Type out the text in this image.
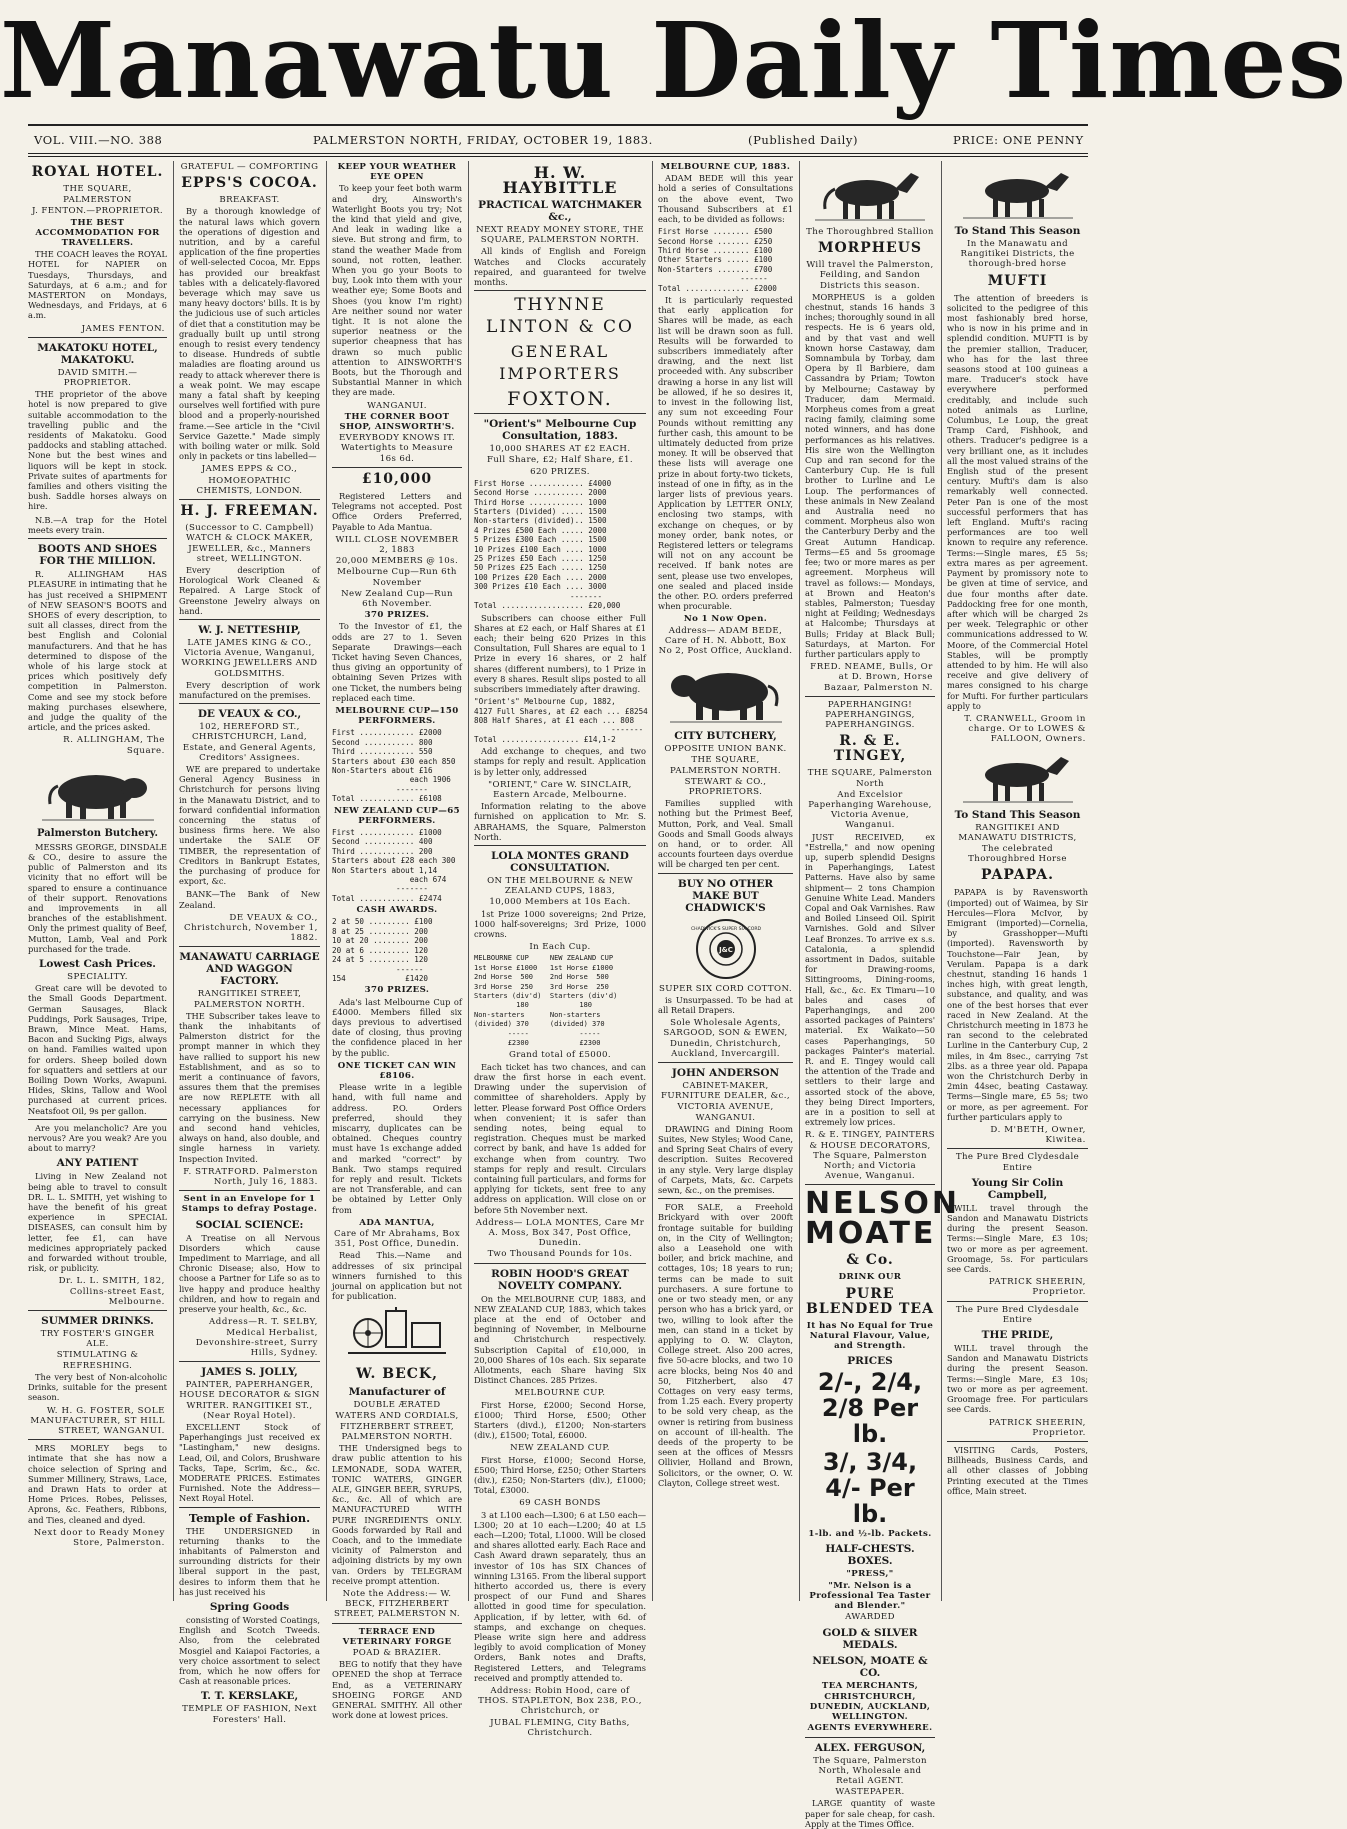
Manawatu Daily Times
VOL. VIII.—NO. 388	PALMERSTON NORTH, FRIDAY, OCTOBER 19, 1883.	(Published Daily)	PRICE: ONE PENNY
ROYAL HOTEL.
THE SQUARE,
PALMERSTON
J. FENTON.—PROPRIETOR.

THE BEST ACCOMMODATION FOR TRAVELLERS.

THE COACH leaves the ROYAL HOTEL for NAPIER on Tuesdays, Thursdays, and Saturdays, at 6 a.m.; and for MASTERTON on Mondays, Wednesdays, and Fridays, at 6 a.m.

JAMES FENTON.
MAKATOKU HOTEL, MAKATOKU.
DAVID SMITH.—PROPRIETOR.

THE proprietor of the above hotel is now prepared to give suitable accommodation to the travelling public and the residents of Makatoku. Good paddocks and stabling attached. None but the best wines and liquors will be kept in stock. Private suites of apartments for families and others visiting the bush. Saddle horses always on hire.

N.B.—A trap for the Hotel meets every train.

BOOTS AND SHOES FOR THE MILLION.

R. ALLINGHAM HAS PLEASURE in intimating that he has just received a SHIPMENT of NEW SEASON'S BOOTS and SHOES of every description, to suit all classes, direct from the best English and Colonial manufacturers. And that he has determined to dispose of the whole of his large stock at prices which positively defy competition in Palmerston. Come and see my stock before making purchases elsewhere, and judge the quality of the article, and the prices asked.

R. ALLINGHAM, The Square.
Palmerston Butchery.

MESSRS GEORGE, DINSDALE & CO., desire to assure the public of Palmerston and its vicinity that no effort will be spared to ensure a continuance of their support. Renovations and improvements in all branches of the establishment. Only the primest quality of Beef, Mutton, Lamb, Veal and Pork purchased for the trade.

Lowest Cash Prices.
SPECIALITY.

Great care will be devoted to the Small Goods Department. German Sausages, Black Puddings, Pork Sausages, Tripe, Brawn, Mince Meat. Hams, Bacon and Sucking Pigs, always on hand. Families waited upon for orders. Sheep boiled down for squatters and settlers at our Boiling Down Works, Awapuni. Hides, Skins, Tallow and Wool purchased at current prices. Neatsfoot Oil, 9s per gallon.

Are you melancholic? Are you nervous? Are you weak? Are you about to marry?

ANY PATIENT

Living in New Zealand not being able to travel to consult DR. L. L. SMITH, yet wishing to have the benefit of his great experience in SPECIAL DISEASES, can consult him by letter, fee £1, can have medicines appropriately packed and forwarded without trouble, risk, or publicity.

Dr. L. L. SMITH, 182, Collins-street East, Melbourne.
SUMMER DRINKS.
TRY FOSTER'S GINGER ALE.
STIMULATING & REFRESHING.

The very best of Non-alcoholic Drinks, suitable for the present season.

W. H. G. FOSTER, SOLE MANUFACTURER, ST HILL STREET, WANGANUI.

MRS MORLEY begs to intimate that she has now a choice selection of Spring and Summer Millinery, Straws, Lace, and Drawn Hats to order at Home Prices. Robes, Pelisses, Aprons, &c. Feathers, Ribbons, and Ties, cleaned and dyed.

Next door to Ready Money Store, Palmerston.
GRATEFUL — COMFORTING
EPPS'S COCOA.
BREAKFAST.

By a thorough knowledge of the natural laws which govern the operations of digestion and nutrition, and by a careful application of the fine properties of well-selected Cocoa, Mr. Epps has provided our breakfast tables with a delicately-flavored beverage which may save us many heavy doctors' bills. It is by the judicious use of such articles of diet that a constitution may be gradually built up until strong enough to resist every tendency to disease. Hundreds of subtle maladies are floating around us ready to attack wherever there is a weak point. We may escape many a fatal shaft by keeping ourselves well fortified with pure blood and a properly-nourished frame.—See article in the "Civil Service Gazette." Made simply with boiling water or milk. Sold only in packets or tins labelled—

JAMES EPPS & CO.,
HOMOEOPATHIC CHEMISTS, LONDON.
H. J. FREEMAN.
(Successor to C. Campbell) WATCH & CLOCK MAKER, JEWELLER, &c., Manners street, WELLINGTON.

Every description of Horological Work Cleaned & Repaired. A Large Stock of Greenstone Jewelry always on hand.

W. J. NETTESHIP,
LATE JAMES KING & CO., Victoria Avenue, Wanganui, WORKING JEWELLERS AND GOLDSMITHS.

Every description of work manufactured on the premises.

DE VEAUX & CO.,
102, HEREFORD ST., CHRISTCHURCH, Land, Estate, and General Agents, Creditors' Assignees.

WE are prepared to undertake General Agency Business in Christchurch for persons living in the Manawatu District, and to forward confidential information concerning the status of business firms here. We also undertake the SALE OF TIMBER, the representation of Creditors in Bankrupt Estates, the purchasing of produce for export, &c.

BANK—The Bank of New Zealand.

DE VEAUX & CO., Christchurch, November 1, 1882.
MANAWATU CARRIAGE AND WAGGON FACTORY.
RANGITIKEI STREET, PALMERSTON NORTH.

THE Subscriber takes leave to thank the inhabitants of Palmerston district for the prompt manner in which they have rallied to support his new Establishment, and as so to merit a continuance of favors, assures them that the premises are now REPLETE with all necessary appliances for carrying on the business. New and second hand vehicles, always on hand, also double, and single harness in variety. Inspection Invited.

F. STRATFORD. Palmerston North, July 16, 1883.
Sent in an Envelope for 1 Stamps to defray Postage.
SOCIAL SCIENCE:

A Treatise on all Nervous Disorders which cause Impediment to Marriage, and all Chronic Disease; also, How to choose a Partner for Life so as to live happy and produce healthy children, and how to regain and preserve your health, &c., &c.

Address—R. T. SELBY, Medical Herbalist, Devonshire-street, Surry Hills, Sydney.
JAMES S. JOLLY,
PAINTER, PAPERHANGER, HOUSE DECORATOR & SIGN WRITER. RANGITIKEI ST., (Near Royal Hotel).

EXCELLENT Stock of Paperhangings just received ex "Lastingham," new designs. Lead, Oil, and Colors, Brushware Tacks, Tape, Scrim, &c., &c. MODERATE PRICES. Estimates Furnished. Note the Address—Next Royal Hotel.

Temple of Fashion.

THE UNDERSIGNED in returning thanks to the inhabitants of Palmerston and surrounding districts for their liberal support in the past, desires to inform them that he has just received his

Spring Goods

consisting of Worsted Coatings, English and Scotch Tweeds. Also, from the celebrated Mosgiel and Kaiapoi Factories, a very choice assortment to select from, which he now offers for Cash at reasonable prices.

T. T. KERSLAKE,
TEMPLE OF FASHION, Next Foresters' Hall.
KEEP YOUR WEATHER EYE OPEN

To keep your feet both warm and dry, Ainsworth's Waterlight Boots you try; Not the kind that yield and give, And leak in wading like a sieve. But strong and firm, to stand the weather Made from sound, not rotten, leather. When you go your Boots to buy, Look into them with your weather eye; Some Boots and Shoes (you know I'm right) Are neither sound nor water tight. It is not alone the superior neatness or the superior cheapness that has drawn so much public attention to AINSWORTH'S Boots, but the Thorough and Substantial Manner in which they are made.

WANGANUI.
THE CORNER BOOT SHOP, AINSWORTH'S.
EVERYBODY KNOWS IT. Watertights to Measure 16s 6d.
£10,000

Registered Letters and Telegrams not accepted. Post Office Orders Preferred, Payable to Ada Mantua.

WILL CLOSE NOVEMBER 2, 1883
20,000 MEMBERS @ 10s.
Melbourne Cup—Run 6th November
New Zealand Cup—Run 6th November.
370 PRIZES.

To the Investor of £1, the odds are 27 to 1. Seven Separate Drawings—each Ticket having Seven Chances, thus giving an opportunity of obtaining Seven Prizes with one Ticket, the numbers being replaced each time.

MELBOURNE CUP—150 PERFORMERS.
First ............ £2000
Second ........... 800
Third ............ 550
Starters about £30 each 850
Non-Starters about £16
each 1906
-------
Total ............ £6108
NEW ZEALAND CUP—65 PERFORMERS.
First ............ £1000
Second ........... 400
Third ............ 200
Starters about £28 each 300
Non Starters about 1,14
each 674
-------
Total ............ £2474
CASH AWARDS.
2 at 50 ......... £100
8 at 25 ......... 200
10 at 20 ........ 200
20 at 6 ......... 120
24 at 5 ......... 120
------
154             £1420
370 PRIZES.

Ada's last Melbourne Cup of £4000. Members filled six days previous to advertised date of closing, thus proving the confidence placed in her by the public.

ONE TICKET CAN WIN £8106.

Please write in a legible hand, with full name and address. P.O. Orders preferred, should they miscarry, duplicates can be obtained. Cheques country must have 1s exchange added and marked "correct" by Bank. Two stamps required for reply and result. Tickets are not Transferable, and can be obtained by Letter Only from

ADA MANTUA,
Care of Mr Abrahams, Box 351, Post Office, Dunedin.

Read This.—Name and addresses of six principal winners furnished to this journal on application but not for publication.

W. BECK,
Manufacturer of
DOUBLE ÆRATED WATERS AND CORDIALS,
FITZHERBERT STREET, PALMERSTON NORTH.

THE Undersigned begs to draw public attention to his LEMONADE, SODA WATER, TONIC WATERS, GINGER ALE, GINGER BEER, SYRUPS, &c., &c. All of which are MANUFACTURED WITH PURE INGREDIENTS ONLY. Goods forwarded by Rail and Coach, and to the immediate vicinity of Palmerston and adjoining districts by my own van. Orders by TELEGRAM receive prompt attention.

Note the Address:— W. BECK, FITZHERBERT STREET, PALMERSTON N.
TERRACE END VETERINARY FORGE
POAD & BRAZIER.

BEG to notify that they have OPENED the shop at Terrace End, as a VETERINARY SHOEING FORGE AND GENERAL SMITHY. All other work done at lowest prices.

H. W. HAYBITTLE
PRACTICAL WATCHMAKER &c.,
NEXT READY MONEY STORE, THE SQUARE, PALMERSTON NORTH.

All kinds of English and Foreign Watches and Clocks accurately repaired, and guaranteed for twelve months.

THYNNE LINTON & CO
GENERAL IMPORTERS
FOXTON.
"Orient's" Melbourne Cup Consultation, 1883.
10,000 SHARES AT £2 EACH.
Full Share, £2; Half Share, £1.
620 PRIZES.
First Horse ............ £4000
Second Horse ........... 2000
Third Horse ............ 1000
Starters (Divided) ..... 1500
Non-starters (divided).. 1500
4 Prizes £500 Each ..... 2000
5 Prizes £300 Each ..... 1500
10 Prizes £100 Each .... 1000
25 Prizes £50 Each ..... 1250
50 Prizes £25 Each ..... 1250
100 Prizes £20 Each .... 2000
300 Prizes £10 Each .... 3000
-------
Total .................. £20,000

Subscribers can choose either Full Shares at £2 each, or Half Shares at £1 each; their being 620 Prizes in this Consultation, Full Shares are equal to 1 Prize in every 16 shares, or 2 half shares (different numbers), to 1 Prize in every 8 shares. Result slips posted to all subscribers immediately after drawing.

"Orient's" Melbourne Cup, 1882,
4127 Full Shares, at £2 each ... £8254
808 Half Shares, at £1 each ... 808
-------
Total ................. £14,1-2

Add exchange to cheques, and two stamps for reply and result. Application is by letter only, addressed

"ORIENT," Care W. SINCLAIR, Eastern Arcade, Melbourne.

Information relating to the above furnished on application to Mr. S. ABRAHAMS, the Square, Palmerston North.

LOLA MONTES GRAND CONSULTATION.
ON THE MELBOURNE & NEW ZEALAND CUPS, 1883,
10,000 Members at 10s Each.

1st Prize 1000 sovereigns; 2nd Prize, 1000 half-sovereigns; 3rd Prize, 1000 crowns.

In Each Cup.
MELBOURNE CUP     NEW ZEALAND CUP
1st Horse £1000   1st Horse £1000
2nd Horse  500    2nd Horse  500
3rd Horse  250    3rd Horse  250
Starters (div'd)  Starters (div'd)
180            180
Non-starters      Non-starters
(divided) 370     (divided) 370
-----            -----
£2300            £2300
Grand total of £5000.

Each ticket has two chances, and can draw the first horse in each event. Drawing under the supervision of committee of shareholders. Apply by letter. Please forward Post Office Orders when convenient; it is safer than sending notes, being equal to registration. Cheques must be marked correct by bank, and have 1s added for exchange when from country. Two stamps for reply and result. Circulars containing full particulars, and forms for applying for tickets, sent free to any address on application. Will close on or before 5th November next.

Address— LOLA MONTES, Care Mr A. Moss, Box 347, Post Office, Dunedin.
Two Thousand Pounds for 10s.
ROBIN HOOD'S GREAT NOVELTY COMPANY.

On the MELBOURNE CUP, 1883, and NEW ZEALAND CUP, 1883, which takes place at the end of October and beginning of November, in Melbourne and Christchurch respectively. Subscription Capital of £10,000, in 20,000 Shares of 10s each. Six separate Allotments, each Share having Six Distinct Chances. 285 Prizes.

MELBOURNE CUP.

First Horse, £2000; Second Horse, £1000; Third Horse, £500; Other Starters (divd.), £1200; Non-starters (div.), £1500; Total, £6000.

NEW ZEALAND CUP.

First Horse, £1000; Second Horse, £500; Third Horse, £250; Other Starters (div.), £250; Non-Starters (div.), £1000; Total, £3000.

69 CASH BONDS

3 at L100 each—L300; 6 at L50 each—L300; 20 at 10 each—L200; 40 at L5 each—L200; Total, L1000. Will be closed and shares allotted early. Each Race and Cash Award drawn separately, thus an investor of 10s has SIX Chances of winning L3165. From the liberal support hitherto accorded us, there is every prospect of our Fund and Shares allotted in good time for speculation. Application, if by letter, with 6d. of stamps, and exchange on cheques. Please write sign here and address legibly to avoid complication of Money Orders, Bank notes and Drafts, Registered Letters, and Telegrams received and promptly attended to.

Address: Robin Hood, care of THOS. STAPLETON, Box 238, P.O., Christchurch, or
JUBAL FLEMING, City Baths, Christchurch.
MELBOURNE CUP, 1883.

ADAM BEDE will this year hold a series of Consultations on the above event, Two Thousand Subscribers at £1 each, to be divided as follows:

First Horse ........ £500
Second Horse ....... £250
Third Horse ........ £100
Other Starters ..... £100
Non-Starters ....... £700
------
Total .............. £2000

It is particularly requested that early application for Shares will be made, as each list will be drawn soon as full. Results will be forwarded to subscribers immediately after drawing, and the next list proceeded with. Any subscriber drawing a horse in any list will be allowed, if he so desires it, to invest in the following list, any sum not exceeding Four Pounds without remitting any further cash, this amount to be ultimately deducted from prize money. It will be observed that these lists will average one prize in about forty-two tickets, instead of one in fifty, as in the larger lists of previous years. Application by LETTER ONLY, enclosing two stamps, with exchange on cheques, or by money order, bank notes, or Registered letters or telegrams will not on any account be received. If bank notes are sent, please use two envelopes, one sealed and placed inside the other. P.O. orders preferred when procurable.

No 1 Now Open.
Address— ADAM BEDE, Care of H. N. Abbott, Box No 2, Post Office, Auckland.
CITY BUTCHERY,
OPPOSITE UNION BANK.
THE SQUARE, PALMERSTON NORTH.
STEWART & CO., PROPRIETORS.

Families supplied with nothing but the Primest Beef, Mutton, Pork, and Veal. Small Goods and Small Goods always on hand, or to order. All accounts fourteen days overdue will be charged ten per cent.

BUY NO OTHER MAKE BUT CHADWICK'S
J&C
CHADWICK'S SUPER SIX CORD
SUPER SIX CORD COTTON.

is Unsurpassed. To be had at all Retail Drapers.

Sole Wholesale Agents, SARGOOD, SON & EWEN, Dunedin, Christchurch, Auckland, Invercargill.
JOHN ANDERSON
CABINET-MAKER, FURNITURE DEALER, &c.,
VICTORIA AVENUE, WANGANUI.

DRAWING and Dining Room Suites, New Styles; Wood Cane, and Spring Seat Chairs of every description. Suites Recovered in any style. Very large display of Carpets, Mats, &c. Carpets sewn, &c., on the premises.

FOR SALE, a Freehold Brickyard with over 200ft frontage suitable for building on, in the City of Wellington; also a Leasehold one with boiler, and brick machine, and cottages, 10s; 18 years to run; terms can be made to suit purchasers. A sure fortune to one or two steady men, or any person who has a brick yard, or two, willing to look after the men, can stand in a ticket by applying to O. W. Clayton, College street. Also 200 acres, five 50-acre blocks, and two 10 acre blocks, being Nos 40 and 50, Fitzherbert, also 47 Cottages on very easy terms, from 1.25 each. Every property to be sold very cheap, as the owner is retiring from business on account of ill-health. The deeds of the property to be seen at the offices of Messrs Ollivier, Holland and Brown, Solicitors, or the owner, O. W. Clayton, College street west.

The Thoroughbred Stallion
MORPHEUS
Will travel the Palmerston, Feilding, and Sandon Districts this season.

MORPHEUS is a golden chestnut, stands 16 hands 3 inches; thoroughly sound in all respects. He is 6 years old, and by that vast and well known horse Castaway, dam Somnambula by Torbay, dam Opera by Il Barbiere, dam Cassandra by Priam; Towton by Melbourne; Castaway by Traducer, dam Mermaid. Morpheus comes from a great racing family, claiming some noted winners, and has done performances as his relatives. His sire won the Wellington Cup and ran second for the Canterbury Cup. He is full brother to Lurline and Le Loup. The performances of these animals in New Zealand and Australia need no comment. Morpheus also won the Canterbury Derby and the Great Autumn Handicap. Terms—£5 and 5s groomage fee; two or more mares as per agreement. Morpheus will travel as follows:— Mondays, at Brown and Heaton's stables, Palmerston; Tuesday night at Feilding; Wednesdays at Halcombe; Thursdays at Bulls; Friday at Black Bull; Saturdays, at Marton. For further particulars apply to

FRED. NEAME, Bulls, Or at D. Brown, Horse Bazaar, Palmerston N.
PAPERHANGING! PAPERHANGINGS, PAPERHANGINGS.
R. & E. TINGEY,
THE SQUARE, Palmerston North
And Excelsior Paperhanging Warehouse, Victoria Avenue, Wanganui.

JUST RECEIVED, ex "Estrella," and now opening up, superb splendid Designs in Paperhangings, Latest Patterns. Have also by same shipment— 2 tons Champion Genuine White Lead. Manders Copal and Oak Varnishes. Raw and Boiled Linseed Oil. Spirit Varnishes. Gold and Silver Leaf Bronzes. To arrive ex s.s. Catalonia, a splendid assortment in Dados, suitable for Drawing-rooms, Sittingrooms, Dining-rooms, Hall, &c., &c. Ex Timaru—10 bales and cases of Paperhangings, and 200 assorted packages of Painters' material. Ex Waikato—50 cases Paperhangings, 50 packages Painter's material. R. and E. Tingey would call the attention of the Trade and settlers to their large and assorted stock of the above, they being Direct Importers, are in a position to sell at extremely low prices.

R. & E. TINGEY, PAINTERS & HOUSE DECORATORS, The Square, Palmerston North; and Victoria Avenue, Wanganui.
NELSON MOATE
& Co.
DRINK OUR
PURE BLENDED TEA
It has No Equal for True Natural Flavour, Value, and Strength.
PRICES
2/-, 2/4, 2/8 Per lb.
3/, 3/4, 4/- Per lb.
1-lb. and ½-lb. Packets.
HALF-CHESTS. BOXES.
"PRESS,"
"Mr. Nelson is a Professional Tea Taster and Blender."
AWARDED
GOLD & SILVER MEDALS.
NELSON, MOATE & CO.
TEA MERCHANTS,
CHRISTCHURCH, DUNEDIN, AUCKLAND, WELLINGTON.
AGENTS EVERYWHERE.
ALEX. FERGUSON,
The Square, Palmerston North, Wholesale and Retail AGENT.
WASTEPAPER.

LARGE quantity of waste paper for sale cheap, for cash. Apply at the Times Office.

To Stand This Season
In the Manawatu and Rangitikei Districts, the thorough-bred horse
MUFTI

The attention of breeders is solicited to the pedigree of this most fashionably bred horse, who is now in his prime and in splendid condition. MUFTI is by the premier stallion, Traducer, who has for the last three seasons stood at 100 guineas a mare. Traducer's stock have everywhere performed creditably, and include such noted animals as Lurline, Columbus, Le Loup, the great Tramp Card, Fishhook, and others. Traducer's pedigree is a very brilliant one, as it includes all the most valued strains of the English stud of the present century. Mufti's dam is also remarkably well connected. Peter Pan is one of the most successful performers that has left England. Mufti's racing performances are too well known to require any reference. Terms:—Single mares, £5 5s; extra mares as per agreement. Payment by promissory note to be given at time of service, and due four months after date. Paddocking free for one month, after which will be charged 2s per week. Telegraphic or other communications addressed to W. Moore, of the Commercial Hotel Stables, will be promptly attended to by him. He will also receive and give delivery of mares consigned to his charge for Mufti. For further particulars apply to

T. CRANWELL, Groom in charge. Or to LOWES & FALLOON, Owners.
To Stand This Season
RANGITIKEI AND MANAWATU DISTRICTS,
The celebrated Thoroughbred Horse
PAPAPA.

PAPAPA is by Ravensworth (imported) out of Waimea, by Sir Hercules—Flora McIvor, by Emigrant (imported)—Cornelia, by Grasshopper—Mufti (imported). Ravensworth by Touchstone—Fair Jean, by Verulam. Papapa is a dark chestnut, standing 16 hands 1 inches high, with great length, substance, and quality, and was one of the best horses that ever raced in New Zealand. At the Christchurch meeting in 1873 he ran second to the celebrated Lurline in the Canterbury Cup, 2 miles, in 4m 8sec., carrying 7st 2lbs. as a three year old. Papapa won the Christchurch Derby in 2min 44sec, beating Castaway. Terms—Single mare, £5 5s; two or more, as per agreement. For further particulars apply to

D. M'BETH, Owner, Kiwitea.
The Pure Bred Clydesdale Entire
Young Sir Colin Campbell,

WILL travel through the Sandon and Manawatu Districts during the present Season. Terms:—Single Mare, £3 10s; two or more as per agreement. Groomage, 5s. For particulars see Cards.

PATRICK SHEERIN, Proprietor.
The Pure Bred Clydesdale Entire
THE PRIDE,

WILL travel through the Sandon and Manawatu Districts during the present Season. Terms:—Single Mare, £3 10s; two or more as per agreement. Groomage free. For particulars see Cards.

PATRICK SHEERIN, Proprietor.

VISITING Cards, Posters, Billheads, Business Cards, and all other classes of Jobbing Printing executed at the Times office, Main street.
